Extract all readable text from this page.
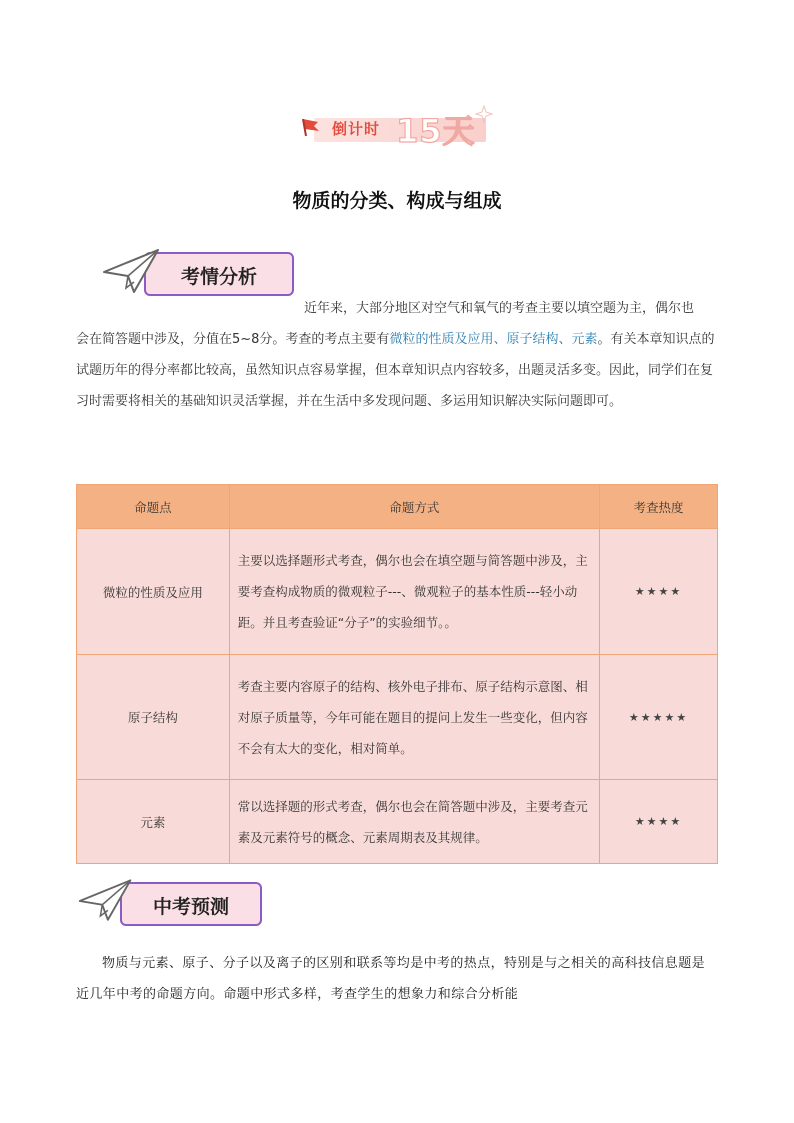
倒计时 15天
物质的分类、构成与组成
考情分析
近年来，大部分地区对空气和氧气的考查主要以填空题为主，偶尔也
会在简答题中涉及，分值在5~8分。考查的考点主要有微粒的性质及应用、原子结构、元素。有关本章知识点的试题历年的得分率都比较高，虽然知识点容易掌握，但本章知识点内容较多，出题灵活多变。因此，同学们在复习时需要将相关的基础知识灵活掌握，并在生活中多发现问题、多运用知识解决实际问题即可。
命题点	命题方式	考查热度
微粒的性质及应用	主要以选择题形式考查，偶尔也会在填空题与简答题中涉及，主要考查构成物质的微观粒子---、微观粒子的基本性质---轻小动距。并且考查验证“分子”的实验细节。。	★★★★
原子结构	考查主要内容原子的结构、核外电子排布、原子结构示意图、相对原子质量等，今年可能在题目的提问上发生一些变化，但内容不会有太大的变化，相对简单。	★★★★★
元素	常以选择题的形式考查，偶尔也会在简答题中涉及，主要考查元素及元素符号的概念、元素周期表及其规律。	★★★★
中考预测
物质与元素、原子、分子以及离子的区别和联系等均是中考的热点，特别是与之相关的高科技信息题是近几年中考的命题方向。命题中形式多样，考查学生的想象力和综合分析能
